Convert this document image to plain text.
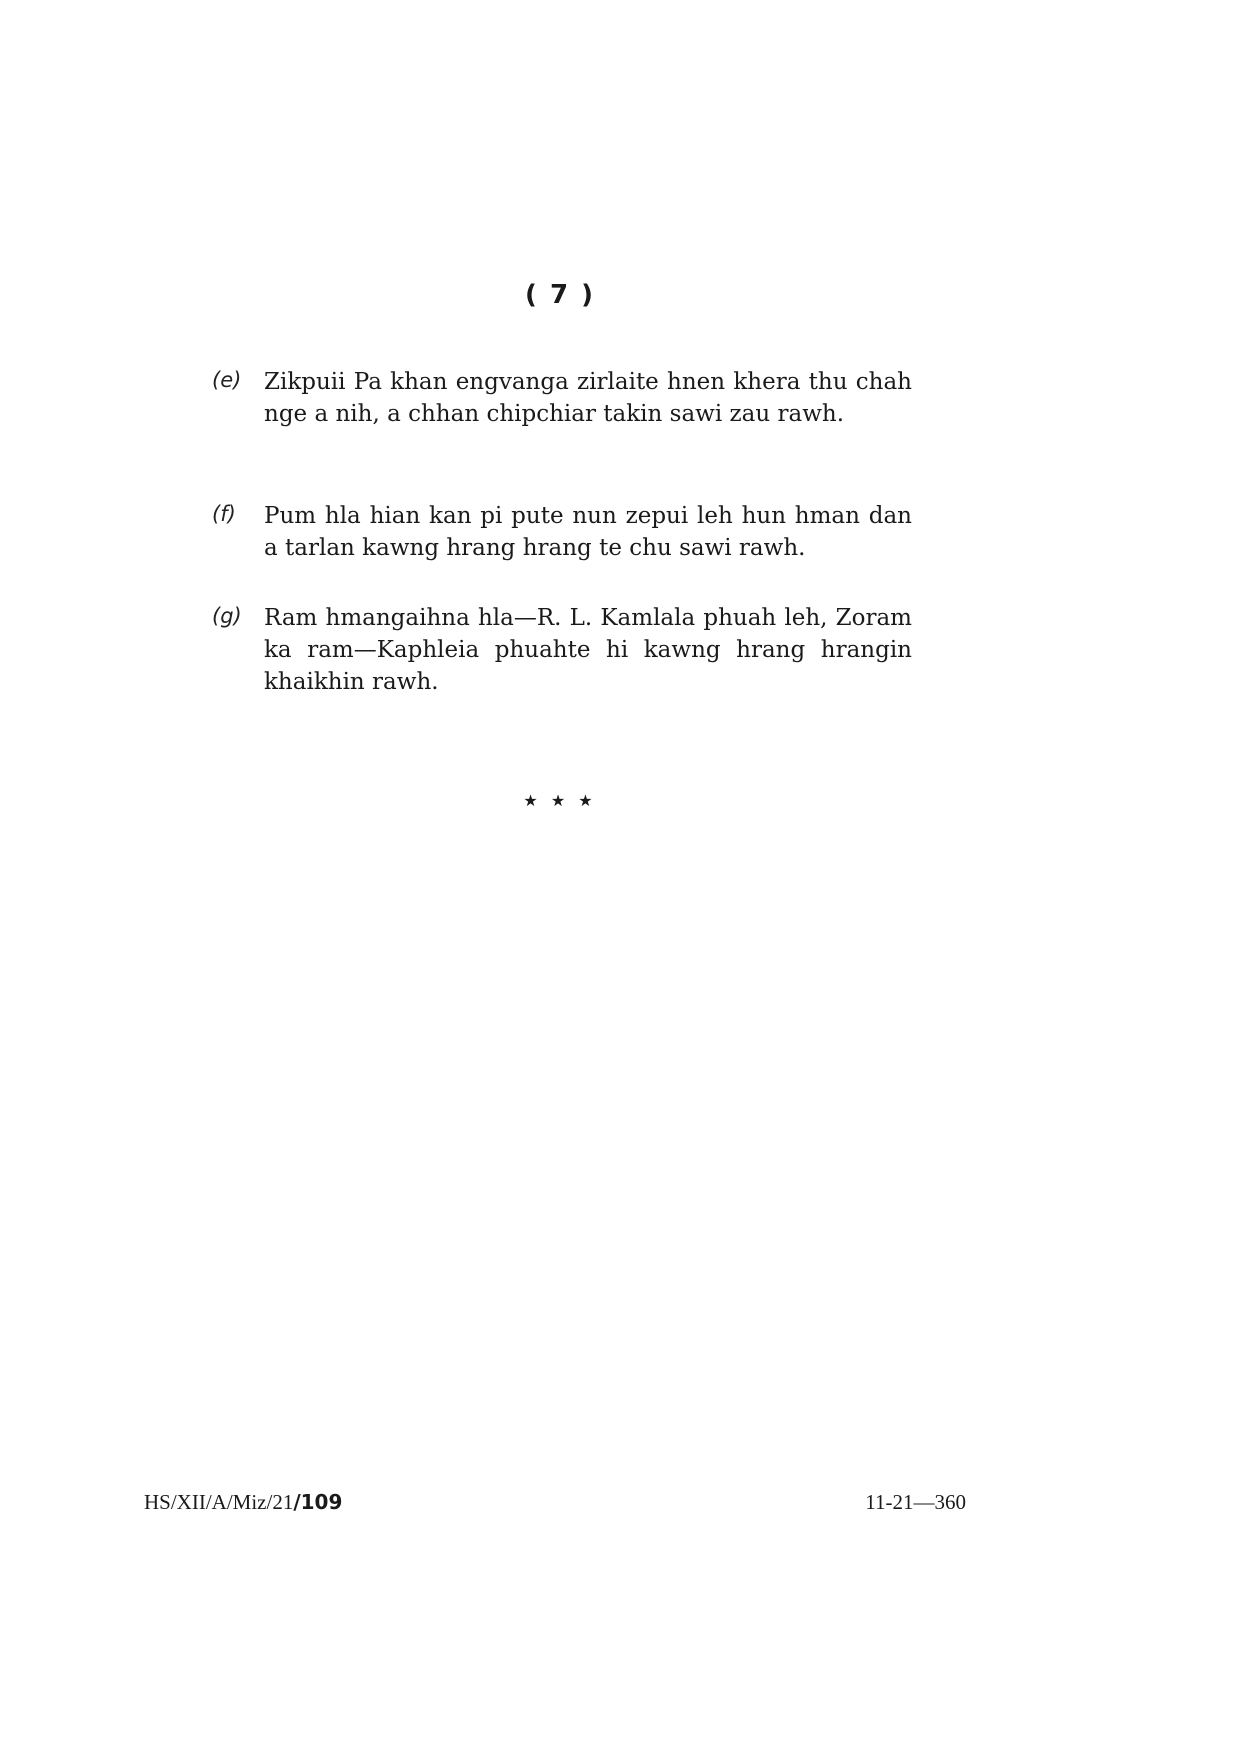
( 7 )
(e) Zikpuii Pa khan engvanga zirlaite hnen khera thu chah nge a nih, a chhan chipchiar takin sawi zau rawh.
(f) Pum hla hian kan pi pute nun zepui leh hun hman dan a tarlan kawng hrang hrang te chu sawi rawh.
(g) Ram hmangaihna hla—R. L. Kamlala phuah leh, Zoram ka ram—Kaphleia phuahte hi kawng hrang hrangin khaikhin rawh.
★ ★ ★
HS/XII/A/Miz/21/109	11-21—360
